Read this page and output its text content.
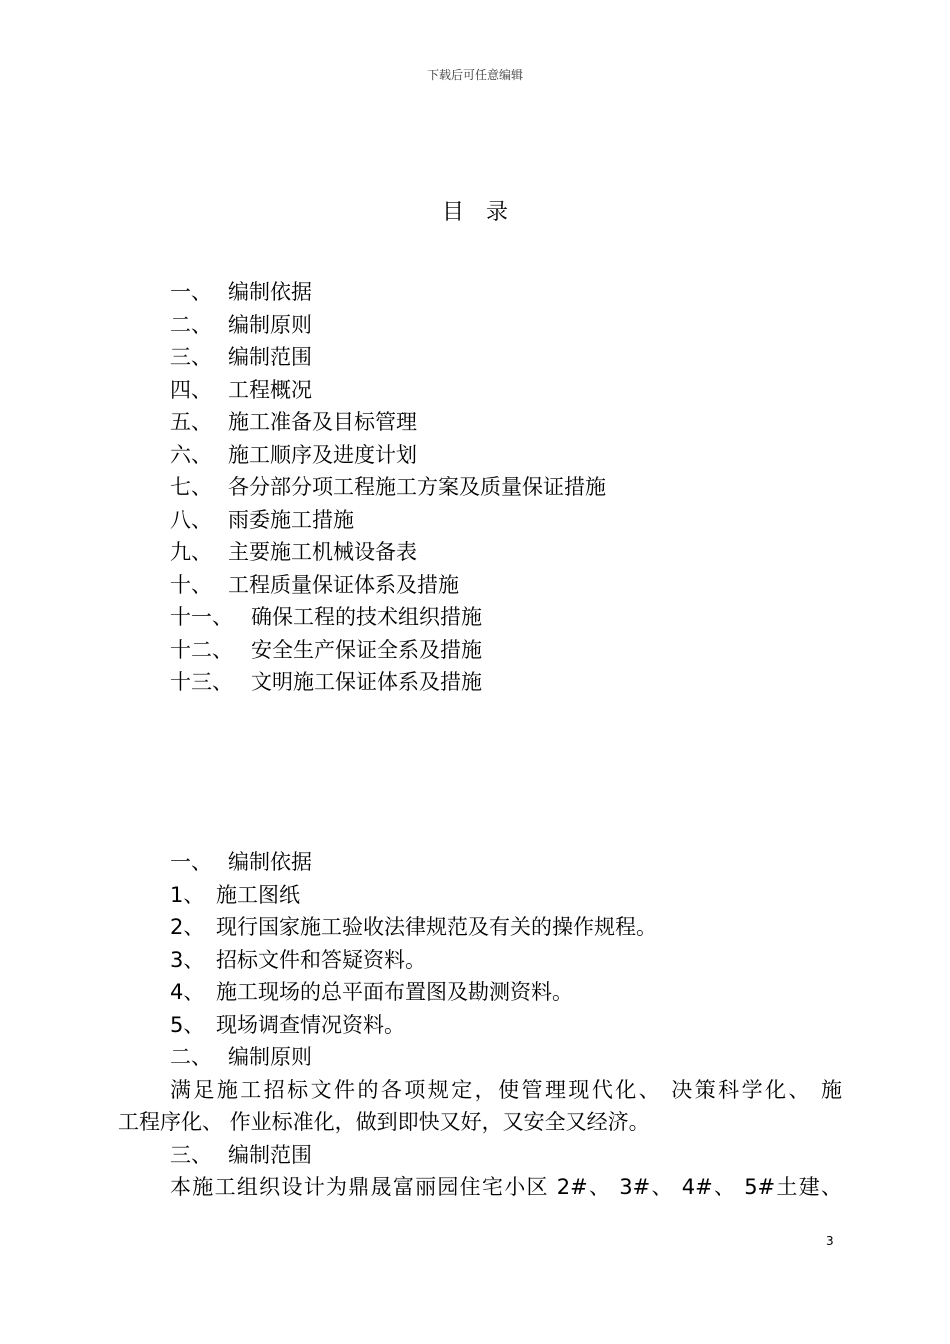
下载后可任意编辑
目录
一、 编制依据
二、 编制原则
三、 编制范围
四、 工程概况
五、 施工准备及目标管理
六、 施工顺序及进度计划
七、 各分部分项工程施工方案及质量保证措施
八、 雨委施工措施
九、 主要施工机械设备表
十、 工程质量保证体系及措施
十一、 确保工程的技术组织措施
十二、 安全生产保证全系及措施
十三、 文明施工保证体系及措施
一、 编制依据
1、 施工图纸
2、 现行国家施工验收法律规范及有关的操作规程。
3、 招标文件和答疑资料。
4、 施工现场的总平面布置图及勘测资料。
5、 现场调查情况资料。
二、 编制原则
满足施工招标文件的各项规定，使管理现代化、 决策科学化、 施
工程序化、 作业标准化，做到即快又好，又安全又经济。
三、 编制范围
本施工组织设计为鼎晟富丽园住宅小区 2#、 3#、 4#、 5#土建、
3
